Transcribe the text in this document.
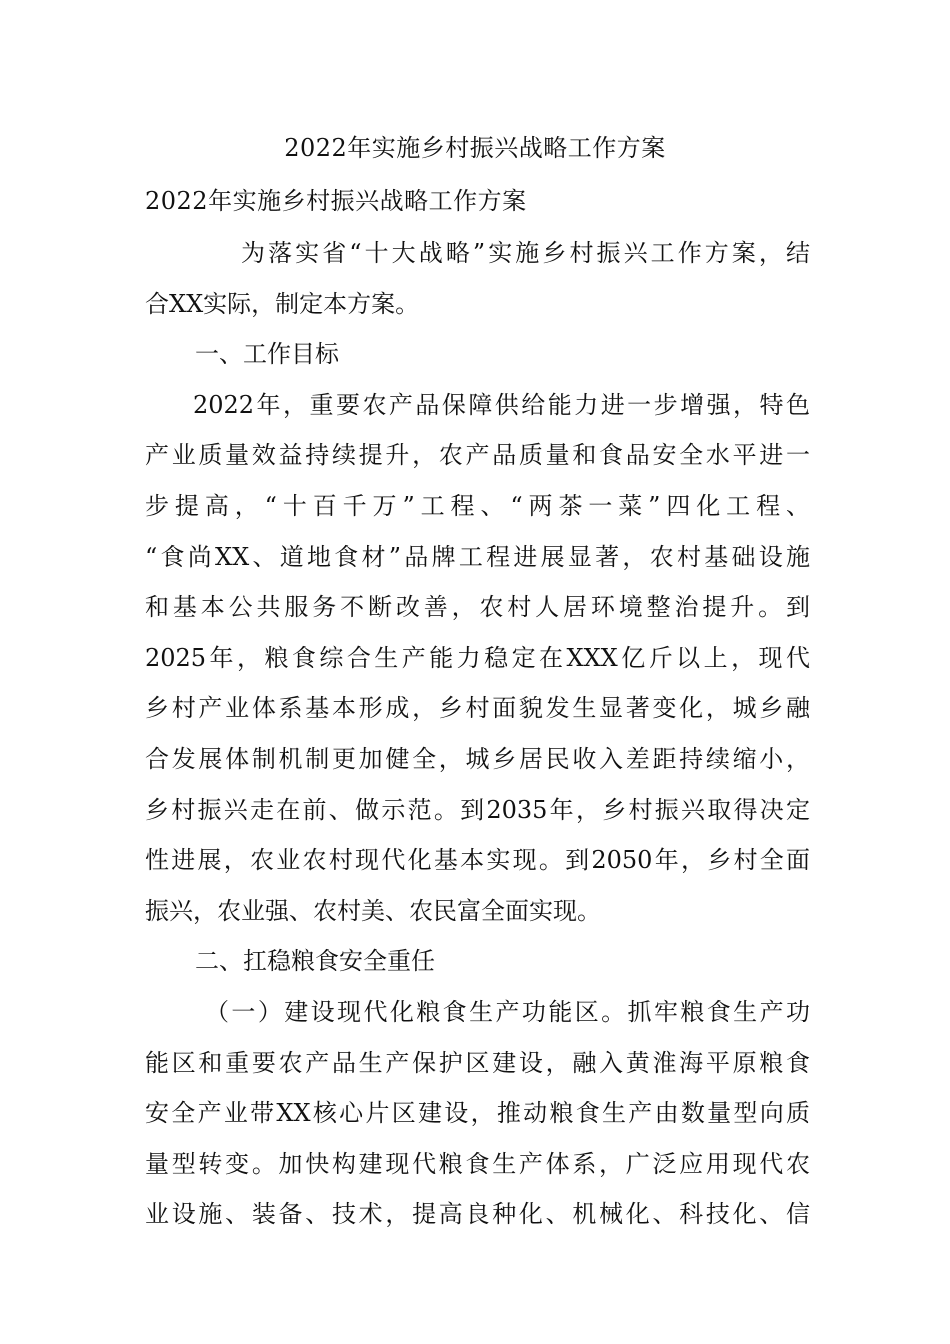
2022年实施乡村振兴战略工作方案
2022年实施乡村振兴战略工作方案
为落实省“十大战略”实施乡村振兴工作方案，结
合XX实际，制定本方案。
一、工作目标
2022年，重要农产品保障供给能力进一步增强，特色
产业质量效益持续提升，农产品质量和食品安全水平进一
步提高，“十百千万”工程、“两茶一菜”四化工程、
“食尚XX、道地食材”品牌工程进展显著，农村基础设施
和基本公共服务不断改善，农村人居环境整治提升。到
2025年，粮食综合生产能力稳定在XXX亿斤以上，现代
乡村产业体系基本形成，乡村面貌发生显著变化，城乡融
合发展体制机制更加健全，城乡居民收入差距持续缩小，
乡村振兴走在前、做示范。到2035年，乡村振兴取得决定
性进展，农业农村现代化基本实现。到2050年，乡村全面
振兴，农业强、农村美、农民富全面实现。
二、扛稳粮食安全重任
（一）建设现代化粮食生产功能区。抓牢粮食生产功
能区和重要农产品生产保护区建设，融入黄淮海平原粮食
安全产业带XX核心片区建设，推动粮食生产由数量型向质
量型转变。加快构建现代粮食生产体系，广泛应用现代农
业设施、装备、技术，提高良种化、机械化、科技化、信
